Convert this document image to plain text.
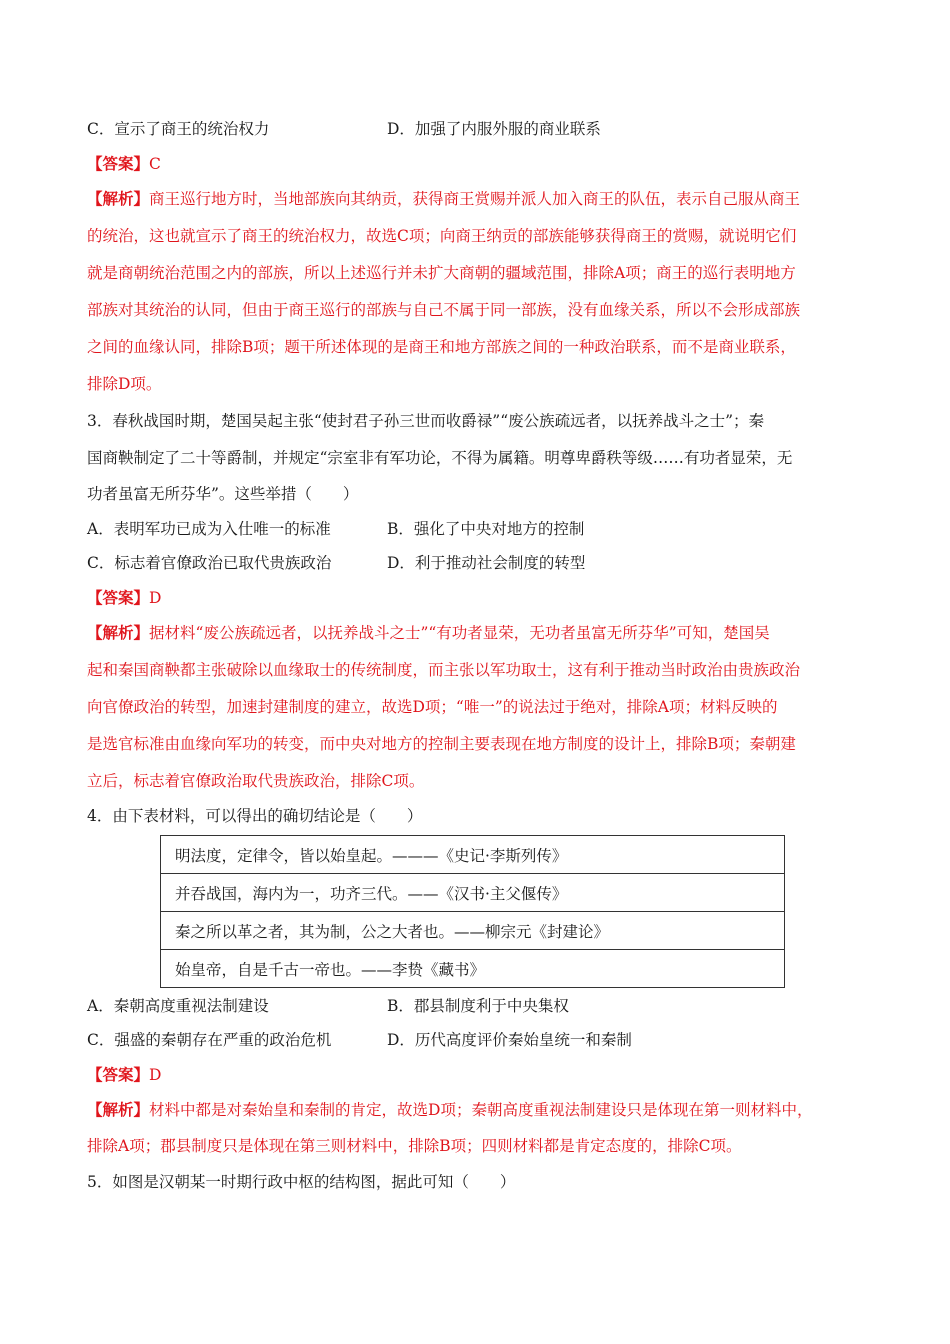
C．宣示了商王的统治权力	D．加强了内服外服的商业联系
【答案】C
【解析】商王巡行地方时，当地部族向其纳贡，获得商王赏赐并派人加入商王的队伍，表示自己服从商王
的统治，这也就宣示了商王的统治权力，故选C项；向商王纳贡的部族能够获得商王的赏赐，就说明它们
就是商朝统治范围之内的部族，所以上述巡行并未扩大商朝的疆域范围，排除A项；商王的巡行表明地方
部族对其统治的认同，但由于商王巡行的部族与自己不属于同一部族，没有血缘关系，所以不会形成部族
之间的血缘认同，排除B项；题干所述体现的是商王和地方部族之间的一种政治联系，而不是商业联系，
排除D项。
3．春秋战国时期，楚国吴起主张“使封君子孙三世而收爵禄”“废公族疏远者，以抚养战斗之士”；秦
国商鞅制定了二十等爵制，并规定“宗室非有军功论，不得为属籍。明尊卑爵秩等级……有功者显荣，无
功者虽富无所芬华”。这些举措（　　）
A．表明军功已成为入仕唯一的标准	B．强化了中央对地方的控制
C．标志着官僚政治已取代贵族政治	D．利于推动社会制度的转型
【答案】D
【解析】据材料“废公族疏远者，以抚养战斗之士”“有功者显荣，无功者虽富无所芬华”可知，楚国吴
起和秦国商鞅都主张破除以血缘取士的传统制度，而主张以军功取士，这有利于推动当时政治由贵族政治
向官僚政治的转型，加速封建制度的建立，故选D项；“唯一”的说法过于绝对，排除A项；材料反映的
是选官标准由血缘向军功的转变，而中央对地方的控制主要表现在地方制度的设计上，排除B项；秦朝建
立后，标志着官僚政治取代贵族政治，排除C项。
4．由下表材料，可以得出的确切结论是（　　）
明法度，定律令，皆以始皇起。———《史记·李斯列传》
并吞战国，海内为一，功齐三代。——《汉书·主父偃传》
秦之所以革之者，其为制，公之大者也。——柳宗元《封建论》
始皇帝，自是千古一帝也。——李贽《藏书》
A．秦朝高度重视法制建设	B．郡县制度利于中央集权
C．强盛的秦朝存在严重的政治危机	D．历代高度评价秦始皇统一和秦制
【答案】D
【解析】材料中都是对秦始皇和秦制的肯定，故选D项；秦朝高度重视法制建设只是体现在第一则材料中，
排除A项；郡县制度只是体现在第三则材料中，排除B项；四则材料都是肯定态度的，排除C项。
5．如图是汉朝某一时期行政中枢的结构图，据此可知（　　）
